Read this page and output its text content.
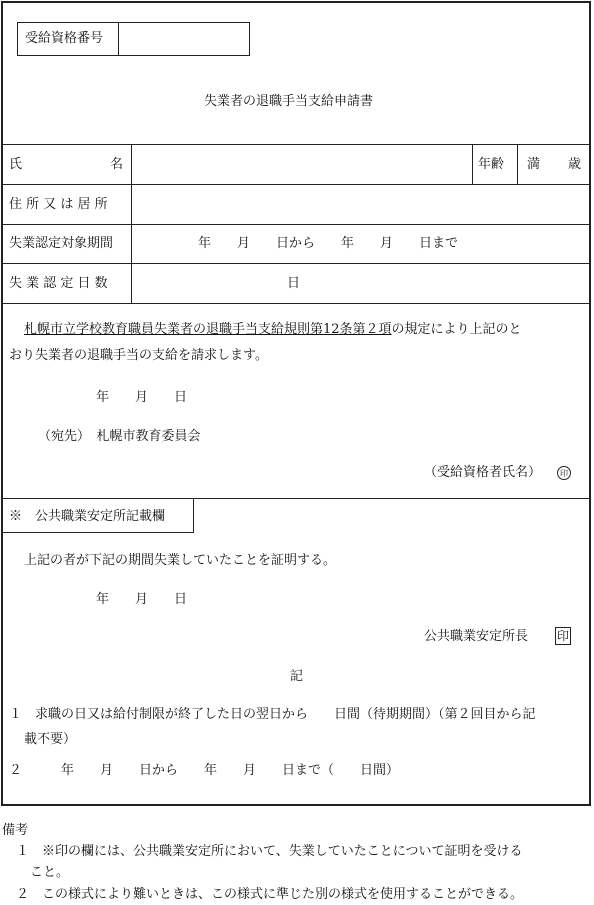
受給資格番号
失業者の退職手当支給申請書
氏	名	年齢 満 歳
住 所 又 は 居 所
失業認定対象期間	年　　月　　日から　　年　　月　　日まで
失 業 認 定 日 数	日
札幌市立学校教育職員失業者の退職手当支給規則第12条第２項の規定により上記のと
おり失業者の退職手当の支給を請求します。
年　　月　　日
（宛先）　札幌市教育委員会
（受給資格者氏名）	印
※　公共職業安定所記載欄
上記の者が下記の期間失業していたことを証明する。
年　　月　　日
公共職業安定所長 印
記
１　求職の日又は給付制限が終了した日の翌日から　　日間（待期期間）（第２回目から記
載不要）
２　　　年　　月　　日から　　年　　月　　日まで（　　日間）
備考
１　※印の欄には、公共職業安定所において、失業していたことについて証明を受ける
こと。
２　この様式により難いときは、この様式に準じた別の様式を使用することができる。
